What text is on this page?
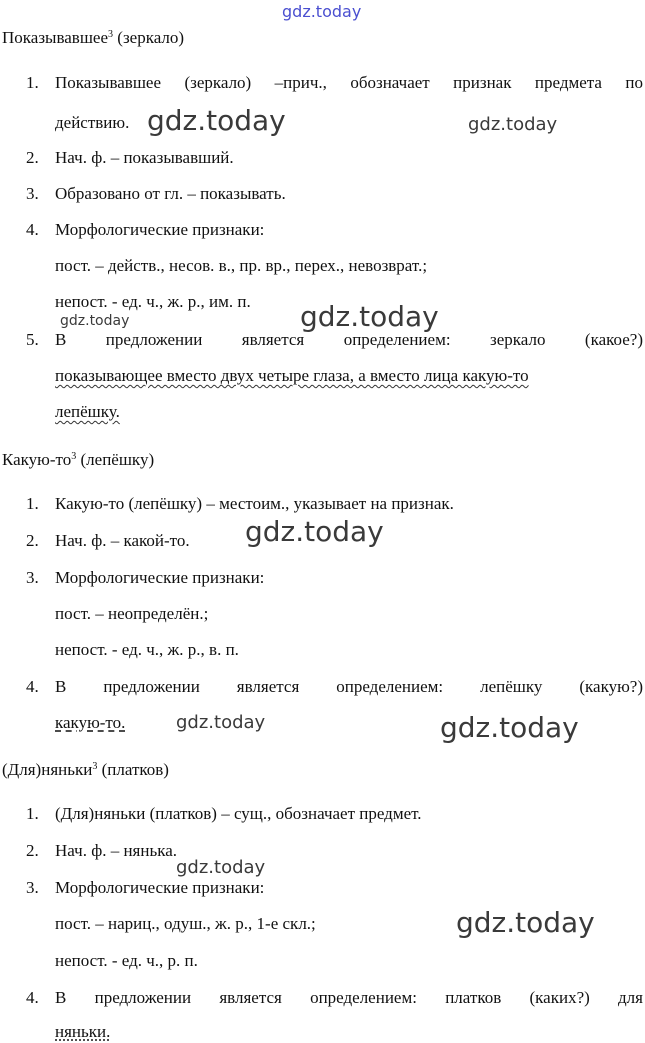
Показывавшее$^3$ (зеркало)
1. Показывавшее (зеркало) –прич., обозначает признак предмета по
действию.
2. Нач. ф. – показывавший.
3. Образовано от гл. – показывать.
4. Морфологические признаки:
пост. – действ., несов. в., пр. вр., перех., невозврат.;
непост. - ед. ч., ж. р., им. п.
5. В предложении является определением: зеркало (какое?)
показывающее вместо двух четыре глаза, а вместо лица какую-то
лепёшку.
Какую-$то^3$ (лепёшку)
1. Какую-то (лепёшку) – местоим., указывает на признак.
2. Нач. ф. – какой-то.
3. Морфологические признаки:
пост. – неопределён.;
непост. - ед. ч., ж. р., в. п.
4. В предложении является определением: лепёшку (какую?)
какую-то.
(Для)няньки$^3$ (платков)
1. (Для)няньки (платков) – сущ., обозначает предмет.
2. Нач. ф. – нянька.
3. Морфологические признаки:
пост. – нариц., одуш., ж. р., 1-е скл.;
непост. - ед. ч., р. п.
4. В предложении является определением: платков (каких?) для
няньки.
gdz.today
gdz.today	gdz.today
gdz.today	gdz.today
gdz.today
gdz.today	gdz.today
gdz.today
gdz.today
